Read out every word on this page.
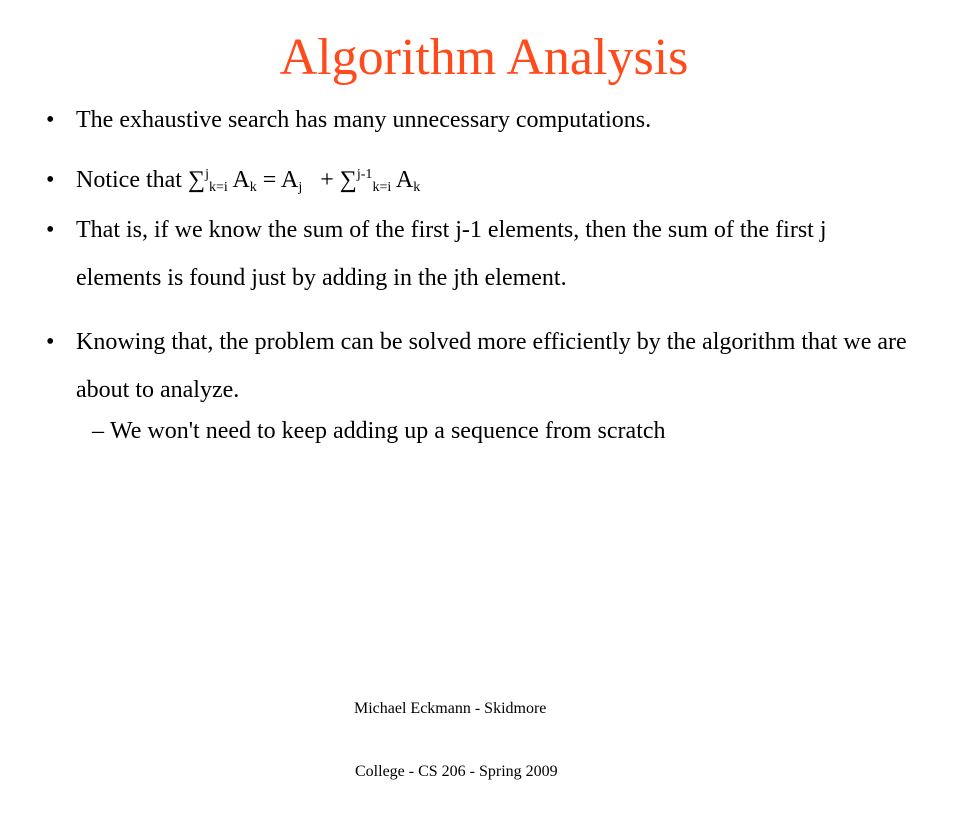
Algorithm Analysis
• The exhaustive search has many unnecessary computations.
• Notice that ∑$^j_{k=i}$ $A_k = A_j + \sum^{j-1}_{k=i}$ $A_k$
• That is, if we know the sum of the first j-1 elements, then the sum of the first j elements is found just by adding in the jth element.
• Knowing that, the problem can be solved more efficiently by the algorithm that we are about to analyze.
– We won't need to keep adding up a sequence from scratch

Michael Eckmann - Skidmore

College - CS 206 - Spring 2009
